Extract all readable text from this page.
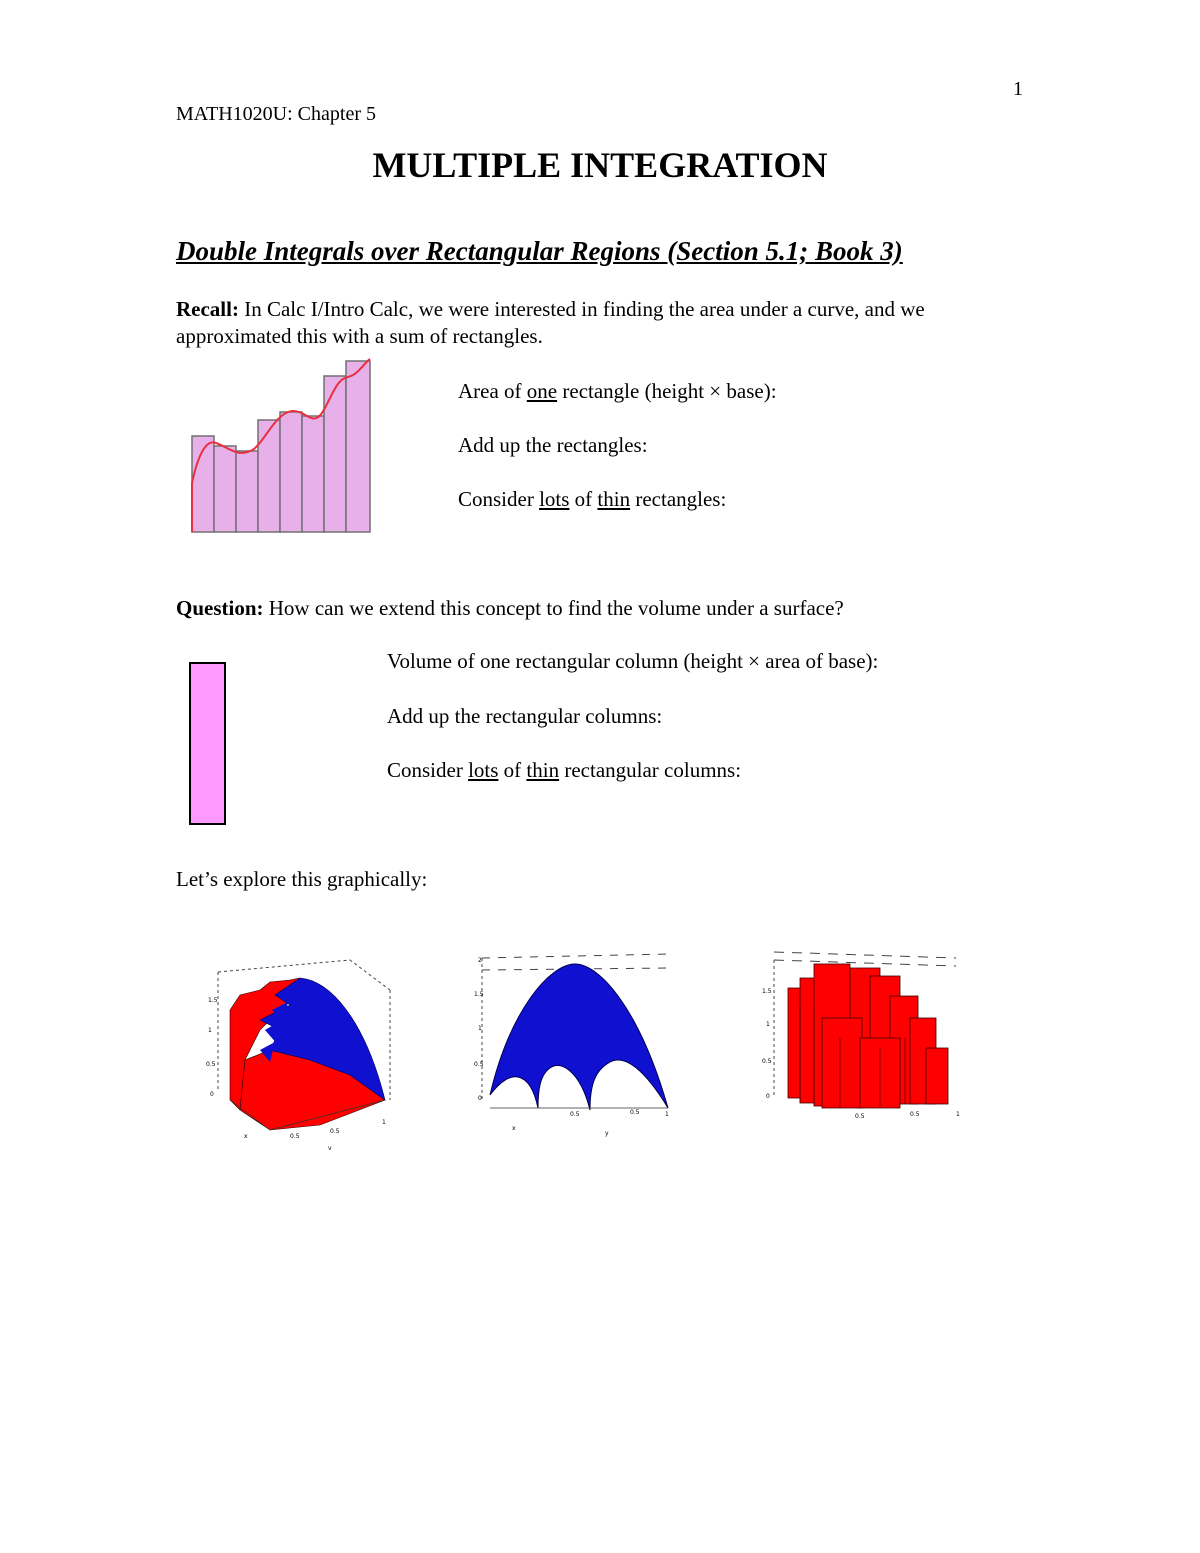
1
MATH1020U: Chapter 5
MULTIPLE INTEGRATION
Double Integrals over Rectangular Regions (Section 5.1; Book 3)
Recall: In Calc I/Intro Calc, we were interested in finding the area under a curve, and we
approximated this with a sum of rectangles.
Area of one rectangle (height × base):
Add up the rectangles:
Consider lots of thin rectangles:
Question: How can we extend this concept to find the volume under a surface?
Volume of one rectangular column (height × area of base):
Add up the rectangular columns:
Consider lots of thin rectangular columns:
Let’s explore this graphically:
1.5
1
0.5
0
0.5
0.5
1
y
x
2
1.5
1
0.5
0
0.5	0.5	1
y
x
1.5
1
0.5
0
0.5	0.5	1
